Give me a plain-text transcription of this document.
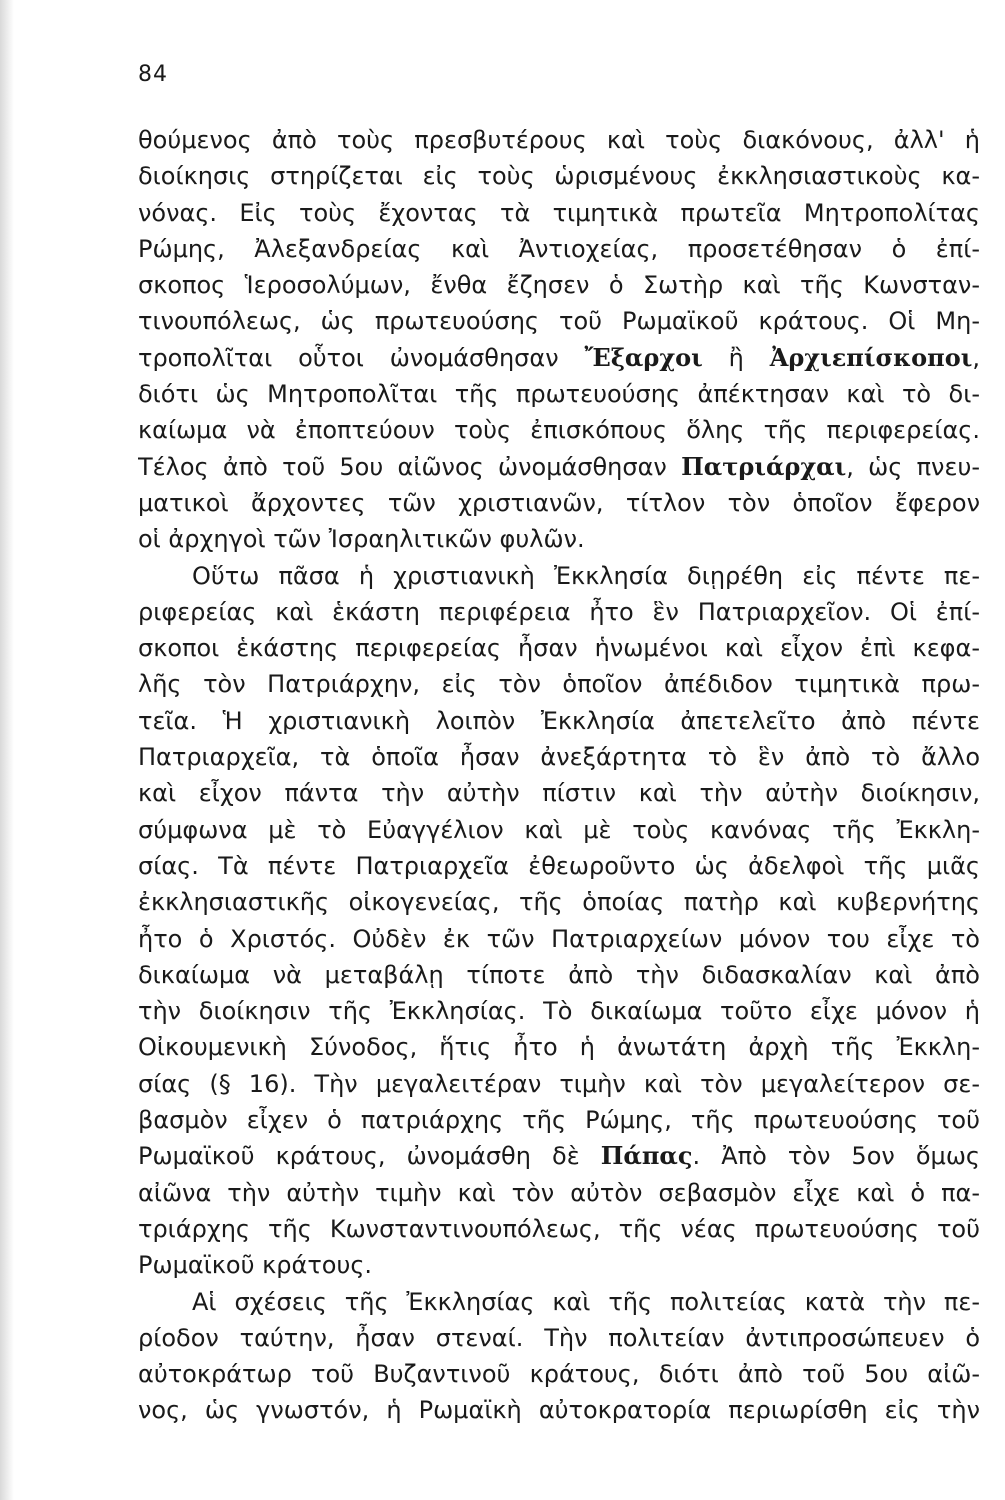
84
θούμενος ἀπὸ τοὺς πρεσβυτέρους καὶ τοὺς διακόνους, ἀλλ' ἡ
διοίκησις στηρίζεται εἰς τοὺς ὡρισμένους ἐκκλησιαστικοὺς κα-
νόνας. Εἰς τοὺς ἔχοντας τὰ τιμητικὰ πρωτεῖα Μητροπολίτας
Ρώμης, Ἀλεξανδρείας καὶ Ἀντιοχείας, προσετέθησαν ὁ ἐπί-
σκοπος Ἱεροσολύμων, ἔνθα ἔζησεν ὁ Σωτὴρ καὶ τῆς Κωνσταν-
τινουπόλεως, ὡς πρωτευούσης τοῦ Ρωμαϊκοῦ κράτους. Οἱ Μη-
τροπολῖται οὗτοι ὠνομάσθησαν Ἔξαρχοι ἢ Ἀρχιεπίσκοποι,
διότι ὡς Μητροπολῖται τῆς πρωτευούσης ἀπέκτησαν καὶ τὸ δι-
καίωμα νὰ ἐποπτεύουν τοὺς ἐπισκόπους ὅλης τῆς περιφερείας.
Τέλος ἀπὸ τοῦ 5ου αἰῶνος ὠνομάσθησαν Πατριάρχαι, ὡς πνευ-
ματικοὶ ἄρχοντες τῶν χριστιανῶν, τίτλον τὸν ὁποῖον ἔφερον
οἱ ἀρχηγοὶ τῶν Ἰσραηλιτικῶν φυλῶν.
Οὕτω πᾶσα ἡ χριστιανικὴ Ἐκκλησία διῃρέθη εἰς πέντε πε-
ριφερείας καὶ ἑκάστη περιφέρεια ἦτο ἓν Πατριαρχεῖον. Οἱ ἐπί-
σκοποι ἑκάστης περιφερείας ἦσαν ἡνωμένοι καὶ εἶχον ἐπὶ κεφα-
λῆς τὸν Πατριάρχην, εἰς τὸν ὁποῖον ἀπέδιδον τιμητικὰ πρω-
τεῖα. Ἡ χριστιανικὴ λοιπὸν Ἐκκλησία ἀπετελεῖτο ἀπὸ πέντε
Πατριαρχεῖα, τὰ ὁποῖα ἦσαν ἀνεξάρτητα τὸ ἓν ἀπὸ τὸ ἄλλο
καὶ εἶχον πάντα τὴν αὐτὴν πίστιν καὶ τὴν αὐτὴν διοίκησιν,
σύμφωνα μὲ τὸ Εὐαγγέλιον καὶ μὲ τοὺς κανόνας τῆς Ἐκκλη-
σίας. Τὰ πέντε Πατριαρχεῖα ἐθεωροῦντο ὡς ἀδελφοὶ τῆς μιᾶς
ἐκκλησιαστικῆς οἰκογενείας, τῆς ὁποίας πατὴρ καὶ κυβερνήτης
ἦτο ὁ Χριστός. Οὐδὲν ἐκ τῶν Πατριαρχείων μόνον του εἶχε τὸ
δικαίωμα νὰ μεταβάλῃ τίποτε ἀπὸ τὴν διδασκαλίαν καὶ ἀπὸ
τὴν διοίκησιν τῆς Ἐκκλησίας. Τὸ δικαίωμα τοῦτο εἶχε μόνον ἡ
Οἰκουμενικὴ Σύνοδος, ἥτις ἦτο ἡ ἀνωτάτη ἀρχὴ τῆς Ἐκκλη-
σίας (§ 16). Τὴν μεγαλειτέραν τιμὴν καὶ τὸν μεγαλείτερον σε-
βασμὸν εἶχεν ὁ πατριάρχης τῆς Ρώμης, τῆς πρωτευούσης τοῦ
Ρωμαϊκοῦ κράτους, ὠνομάσθη δὲ Πάπας. Ἀπὸ τὸν 5ον ὅμως
αἰῶνα τὴν αὐτὴν τιμὴν καὶ τὸν αὐτὸν σεβασμὸν εἶχε καὶ ὁ πα-
τριάρχης τῆς Κωνσταντινουπόλεως, τῆς νέας πρωτευούσης τοῦ
Ρωμαϊκοῦ κράτους.
Αἱ σχέσεις τῆς Ἐκκλησίας καὶ τῆς πολιτείας κατὰ τὴν πε-
ρίοδον ταύτην, ἦσαν στεναί. Τὴν πολιτείαν ἀντιπροσώπευεν ὁ
αὐτοκράτωρ τοῦ Βυζαντινοῦ κράτους, διότι ἀπὸ τοῦ 5ου αἰῶ-
νος, ὡς γνωστόν, ἡ Ρωμαϊκὴ αὐτοκρατορία περιωρίσθη εἰς τὴν
